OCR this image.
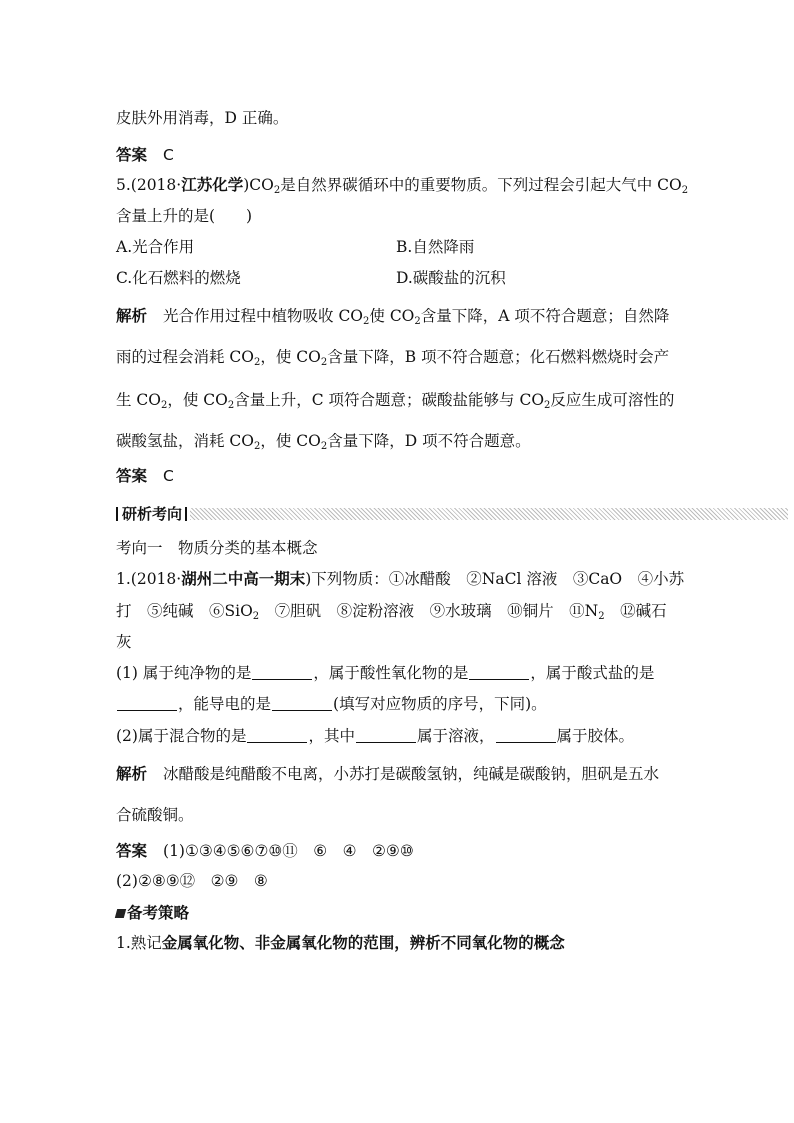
皮肤外用消毒，D 正确。
答案 C
5.(2018·江苏化学)$CO_2$是自然界碳循环中的重要物质。下列过程会引起大气中 $CO_2$
含量上升的是(　　)
A.光合作用	B.自然降雨
C.化石燃料的燃烧	D.碳酸盐的沉积
解析 光合作用过程中植物吸收 $CO_2$使 $CO_2$含量下降，A 项不符合题意；自然降
雨的过程会消耗 $CO_2$，使 $CO_2$含量下降，B 项不符合题意；化石燃料燃烧时会产
生 $CO_2$，使 $CO_2$含量上升，C 项符合题意；碳酸盐能够与 $CO_2$反应生成可溶性的
碳酸氢盐，消耗 $CO_2$，使 $CO_2$含量下降，D 项不符合题意。
答案 C
研析考向
考向一　物质分类的基本概念
1.(2018·湖州二中高一期末)下列物质：①冰醋酸　②NaCl 溶液　③CaO　④小苏
打　⑤纯碱　⑥SiO$_2$　⑦胆矾　⑧淀粉溶液　⑨水玻璃　⑩铜片　$⑪N_2$　⑫碱石
灰
(1) 属于纯净物的是	，属于酸性氧化物的是	，属于酸式盐的是
，能导电的是	(填写对应物质的序号，下同)。
(2)属于混合物的是	，其中	属于溶液，	属于胶体。
解析 冰醋酸是纯醋酸不电离，小苏打是碳酸氢钠，纯碱是碳酸钠，胆矾是五水
合硫酸铜。
答案 (1)①③④⑤⑥⑦⑩⑪　⑥　④　②⑨⑩
(2)②⑧⑨⑫　②⑨　⑧
备考策略
1.熟记金属氧化物、非金属氧化物的范围，辨析不同氧化物的概念
